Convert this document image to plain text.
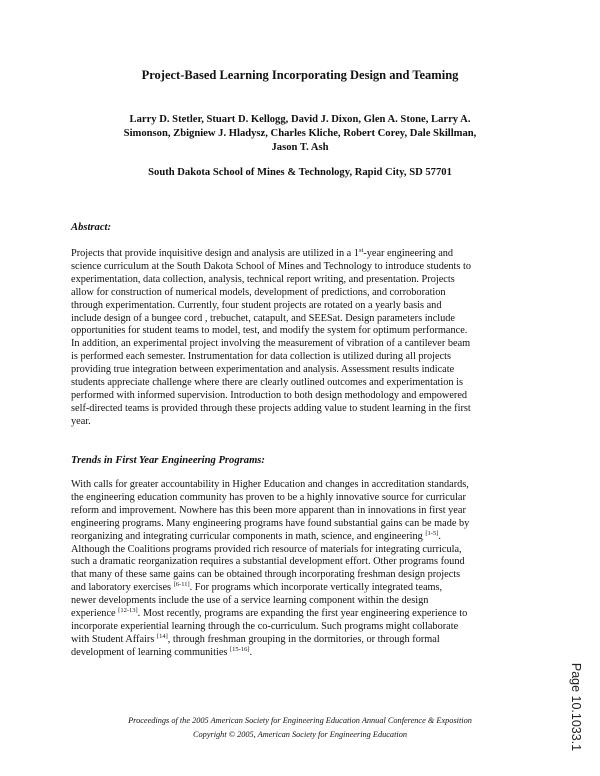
Project-Based Learning Incorporating Design and Teaming
Larry D. Stetler, Stuart D. Kellogg, David J. Dixon, Glen A. Stone, Larry A. Simonson, Zbigniew J. Hladysz, Charles Kliche, Robert Corey, Dale Skillman, Jason T. Ash
South Dakota School of Mines & Technology, Rapid City, SD 57701
Abstract:
Projects that provide inquisitive design and analysis are utilized in a 1st-year engineering and
science curriculum at the South Dakota School of Mines and Technology to introduce students to
experimentation, data collection, analysis, technical report writing, and presentation. Projects
allow for construction of numerical models, development of predictions, and corroboration
through experimentation. Currently, four student projects are rotated on a yearly basis and
include design of a bungee cord , trebuchet, catapult, and SEESat. Design parameters include
opportunities for student teams to model, test, and modify the system for optimum performance.
In addition, an experimental project involving the measurement of vibration of a cantilever beam
is performed each semester. Instrumentation for data collection is utilized during all projects
providing true integration between experimentation and analysis. Assessment results indicate
students appreciate challenge where there are clearly outlined outcomes and experimentation is
performed with informed supervision. Introduction to both design methodology and empowered
self-directed teams is provided through these projects adding value to student learning in the first
year.
Trends in First Year Engineering Programs:
With calls for greater accountability in Higher Education and changes in accreditation standards,
the engineering education community has proven to be a highly innovative source for curricular
reform and improvement. Nowhere has this been more apparent than in innovations in first year
engineering programs. Many engineering programs have found substantial gains can be made by
reorganizing and integrating curricular components in math, science, and engineering [1-5].
Although the Coalitions programs provided rich resource of materials for integrating curricula,
such a dramatic reorganization requires a substantial development effort. Other programs found
that many of these same gains can be obtained through incorporating freshman design projects
and laboratory exercises [6-11]. For programs which incorporate vertically integrated teams,
newer developments include the use of a service learning component within the design
experience [12-13]. Most recently, programs are expanding the first year engineering experience to
incorporate experiential learning through the co-curriculum. Such programs might collaborate
with Student Affairs [14], through freshman grouping in the dormitories, or through formal
development of learning communities [15-16].
Proceedings of the 2005 American Society for Engineering Education Annual Conference & Exposition
Copyright © 2005, American Society for Engineering Education	Page 10.1033.1
